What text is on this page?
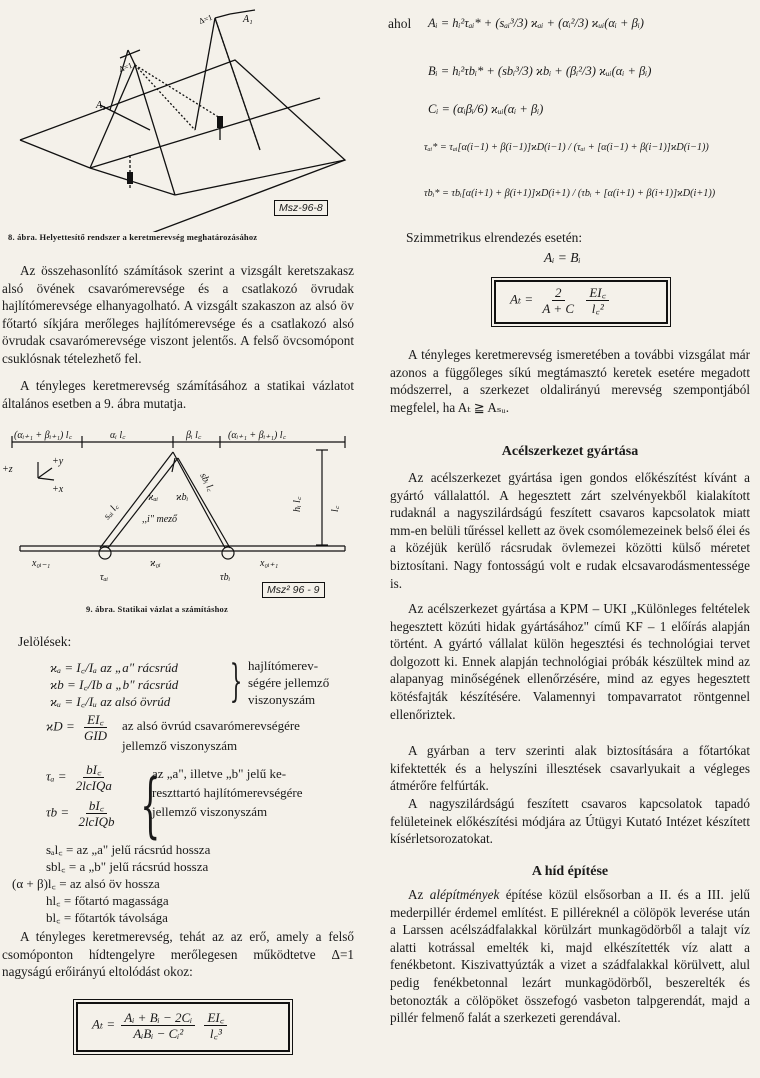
A₁
A₁
Δ=1
Δ=1
Msz-96-8
8. ábra. Helyettesítő rendszer a keretmerevség meghatározásához

Az összehasonlító számítások szerint a vizsgált keretszakasz alsó övének csavarómerevsége és a csatlakozó övrudak hajlítómerevsége elhanyagolható. A vizsgált szakaszon az alsó öv főtartó síkjára merőleges hajlítómerevsége és a csatlakozó alsó övrudak csavarómerevsége viszont jelentős. A felső övcsomópont csuklósnak tételezhető fel.

A tényleges keretmerevség számításához a statikai vázlatot általános esetben a 9. ábra mutatja.

(αᵢ₊₁ + βᵢ₊₁) l꜀	αᵢ l꜀	βᵢ l꜀	(αᵢ₊₁ + βᵢ₊₁) l꜀
+z
+y
+x
x₀ᵢ₋₁	ϰ₀ᵢ	x₀ᵢ₊₁
τₐᵢ	τbᵢ
ϰₐᵢ ϰbᵢ
sₐᵢ l꜀
sbᵢ l꜀
hᵢ l꜀	l꜀
,,i" mező
Msz² 96 - 9
9. ábra. Statikai vázlat a számításhoz
Jelölések:
ϰₐ = I꜀/Iₐ az „a" rácsrúd
ϰb = I꜀/Ib a „b" rácsrúd
ϰᵤ = I꜀/Iᵤ az alsó övrúd } hajlítómerev-
ségére jellemző
viszonyszám
$ϰD = \frac{EI꜀}{\text{GID}}$ az alsó övrúd csavarómerevségére
jellemző viszonyszám
$\tau_a = \frac{bI꜀}{\text{2lcIQa}}$
$\tau b = \frac{bI꜀}{\text{2lcIQb}}$ {
az „a", illetve „b" jelű ke-
reszttartó hajlítómerevségére
jellemző viszonyszám
sₐl꜀ = az „a" jelű rácsrúd hossza
sbl꜀ = a „b" jelű rácsrúd hossza
(α + β)l꜀ = az alsó öv hossza
hl꜀ = főtartó magassága
bl꜀ = főtartók távolsága

A tényleges keretmerevség, tehát az az erő, amely a felső csomóponton hídtengelyre merőlegesen működtetve Δ=1 nagyságú erőirányú eltolódást okoz:

$A_t = \frac{\text{Aᵢ + Bᵢ − 2Cᵢ}}{\text{AᵢBᵢ − Cᵢ²}}$
$\frac{EI꜀}{\text{l꜀³}}$
ahol Aᵢ = hᵢ²τₐᵢ* + (sₐᵢ³/3) ϰₐᵢ + (αᵢ²/3) ϰᵤᵢ(αᵢ + βᵢ)
Bᵢ = hᵢ²τbᵢ* + (sbᵢ³/3) ϰbᵢ + (βᵢ²/3) ϰᵤᵢ(αᵢ + βᵢ)
Cᵢ = (αᵢβᵢ/6) ϰᵤᵢ(αᵢ + βᵢ)
τₐᵢ* = τₐᵢ[α(i−1) + β(i−1)]ϰD(i−1) / (τₐᵢ + [α(i−1) + β(i−1)]ϰD(i−1))
τbᵢ* = τbᵢ[α(i+1) + β(i+1)]ϰD(i+1) / (τbᵢ + [α(i+1) + β(i+1)]ϰD(i+1))
Szimmetrikus elrendezés esetén:
Aᵢ = Bᵢ
$A_t = \frac{2}{A + C}$
$\frac{EI꜀}{\text{l꜀²}}$

A tényleges keretmerevség ismeretében a további vizsgálat már azonos a függőleges síkú megtámasztó keretek esetére megadott módszerrel, a szerkezet oldalirányú merevség szempontjából megfelel, ha Aₜ ≧ Aₛᵤ.

Acélszerkezet gyártása

Az acélszerkezet gyártása igen gondos előkészítést kívánt a gyártó vállalattól. A hegesztett zárt szelvényekből kialakított rudaknál a nagyszilárdságú feszített csavaros kapcsolatok miatt mm-en belüli tűréssel kellett az övek csomólemezeinek belső élei és a közéjük kerülő rácsrudak övlemezei közötti külső méretet biztosítani. Nagy fontosságú volt e rudak elcsavarodásmentessége is.

Az acélszerkezet gyártása a KPM – UKI „Különleges feltételek hegesztett közúti hidak gyártásához" című KF – 1 előírás alapján történt. A gyártó vállalat külön hegesztési és technológiai tervet dolgozott ki. Ennek alapján technológiai próbák készültek mind az alapanyag minőségének ellenőrzésére, mind az egyes hegesztett kötésfajták készítésére. Valamennyi tompavarratot röntgennel ellenőriztek.

A gyárban a terv szerinti alak biztosítására a főtartókat kifektették és a helyszíni illesztések csavarlyukait a végleges átmérőre felfúrták.

A nagyszilárdságú feszített csavaros kapcsolatok tapadó felületeinek előkészítési módjára az Útügyi Kutató Intézet készített kísérletsorozatokat.

A híd építése

Az alépítmények építése közül elsősorban a II. és a III. jelű mederpillér érdemel említést. E pilléreknél a cölöpök leverése után a Larssen acélszádfalakkal körülzárt munkagödörből a talajt víz alatti kotrással emelték ki, majd elkészítették víz alatt a fenékbetont. Kiszivattyúzták a vizet a szádfalakkal körülvett, alul pedig fenékbetonnal lezárt munkagödörből, beszerelték és betonozták a cölöpöket összefogó vasbeton talpgerendát, majd a pillér felmenő falát a szerkezeti gerendával.
